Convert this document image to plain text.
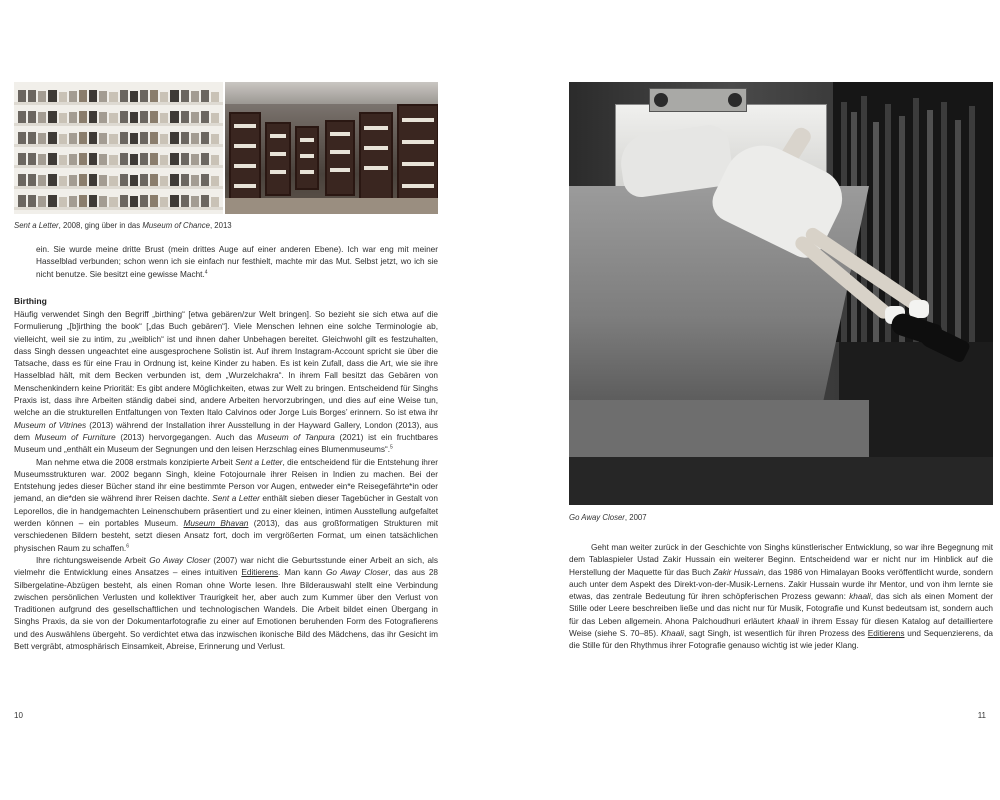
Sent a Letter, 2008, ging über in das Museum of Chance, 2013
ein. Sie wurde meine dritte Brust (mein drittes Auge auf einer anderen Ebene). Ich war eng mit meiner Hasselblad verbunden; schon wenn ich sie einfach nur festhielt, machte mir das Mut. Selbst jetzt, wo ich sie nicht benutze. Sie besitzt eine gewisse Macht.$^4$
Birthing

Häufig verwendet Singh den Begriff „birthing“ [etwa gebären/zur Welt bringen]. So bezieht sie sich etwa auf die Formulierung „[b]irthing the book“ [„das Buch gebären“]. Viele Menschen lehnen eine solche Terminologie ab, vielleicht, weil sie zu intim, zu „weiblich“ ist und ihnen daher Unbehagen bereitet. Gleichwohl gilt es festzuhalten, dass Singh dessen ungeachtet eine ausgesprochene Solistin ist. Auf ihrem Instagram-Account spricht sie über die Tatsache, dass es für eine Frau in Ordnung ist, keine Kinder zu haben. Es ist kein Zufall, dass die Art, wie sie ihre Hasselblad hält, mit dem Becken verbunden ist, dem „Wurzelchakra“. In ihrem Fall besitzt das Gebären von Menschenkindern keine Priorität: Es gibt andere Möglichkeiten, etwas zur Welt zu bringen. Entscheidend für Singhs Praxis ist, dass ihre Arbeiten ständig dabei sind, andere Arbeiten hervorzubringen, und dies auf eine Weise tun, welche an die strukturellen Entfaltungen von Texten Italo Calvinos oder Jorge Luis Borges’ erinnern. So ist etwa ihr Museum of Vitrines (2013) während der Installation ihrer Ausstellung in der Hayward Gallery, London (2013), aus dem Museum of Furniture (2013) hervorgegangen. Auch das Museum of Tanpura (2021) ist ein fruchtbares Museum und „enthält ein Museum der Segnungen und den leisen Herzschlag eines Blumenmuseums“.$^5$

Man nehme etwa die 2008 erstmals konzipierte Arbeit Sent a Letter, die entscheidend für die Entstehung ihrer Museumsstrukturen war. 2002 begann Singh, kleine Fotojournale ihrer Reisen in Indien zu machen. Bei der Entstehung jedes dieser Bücher stand ihr eine bestimmte Person vor Augen, entweder ein*e Reisegefährte*in oder jemand, an die*den sie während ihrer Reisen dachte. Sent a Letter enthält sieben dieser Tagebücher in Gestalt von Leporellos, die in handgemachten Leinenschubern präsentiert und zu einer kleinen, intimen Ausstellung aufgefaltet werden können – ein portables Museum. Museum Bhavan (2013), das aus großformatigen Strukturen mit verschiedenen Bildern besteht, setzt diesen Ansatz fort, doch im vergrößerten Format, um einen tatsächlichen physischen Raum zu schaffen.$^6$

Ihre richtungsweisende Arbeit Go Away Closer (2007) war nicht die Geburtsstunde einer Arbeit an sich, als vielmehr die Entwicklung eines Ansatzes – eines intuitiven Editierens. Man kann Go Away Closer, das aus 28 Silbergelatine-Abzügen besteht, als einen Roman ohne Worte lesen. Ihre Bilderauswahl stellt eine Verbindung zwischen persönlichen Verlusten und kollektiver Traurigkeit her, aber auch zum Kummer über den Verlust von Traditionen aufgrund des gesellschaftlichen und technologischen Wandels. Die Arbeit bildet einen Übergang in Singhs Praxis, da sie von der Dokumentarfotografie zu einer auf Emotionen beruhenden Form des Fotografierens und des Auswählens übergeht. So verdichtet etwa das inzwischen ikonische Bild des Mädchens, das ihr Gesicht im Bett vergräbt, atmosphärisch Einsamkeit, Abreise, Erinnerung und Verlust.

10
Go Away Closer, 2007

Geht man weiter zurück in der Geschichte von Singhs künstlerischer Entwicklung, so war ihre Begegnung mit dem Tablaspieler Ustad Zakir Hussain ein weiterer Beginn. Entscheidend war er nicht nur im Hinblick auf die Herstellung der Maquette für das Buch Zakir Hussain, das 1986 von Himalayan Books veröffentlicht wurde, sondern auch unter dem Aspekt des Direkt-von-der-Musik-Lernens. Zakir Hussain wurde ihr Mentor, und von ihm lernte sie etwas, das zentrale Bedeutung für ihren schöpferischen Prozess gewann: khaali, das sich als einen Moment der Stille oder Leere beschreiben ließe und das nicht nur für Musik, Fotografie und Kunst bedeutsam ist, sondern auch für das Leben allgemein. Ahona Palchoudhuri erläutert khaali in ihrem Essay für diesen Katalog auf detailliertere Weise (siehe S. 70–85). Khaali, sagt Singh, ist wesentlich für ihren Prozess des Editierens und Sequenzierens, da die Stille für den Rhythmus ihrer Fotografie genauso wichtig ist wie jeder Klang.

11
